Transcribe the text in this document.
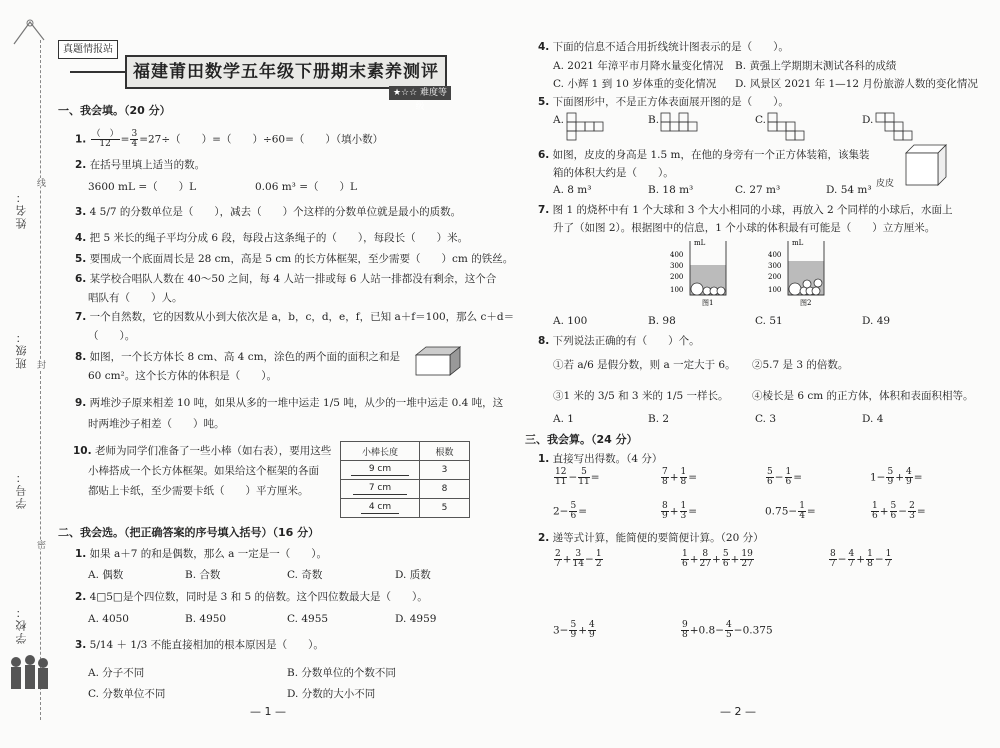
线
封
密
姓名：
班级：
学号：
学校：
真题情报站
福建莆田数学五年级下册期末素养测评
★☆☆ 难度等级
一、我会填。（20 分）
1. $\frac{( )}{12} = \frac{3}{4} =27\div$（　　）=（　　）÷60=（　　）（填小数）
2. 在括号里填上适当的数。
3600 mL =（　　）L	0.06 m³ =（　　）L
3. 4 5/7 的分数单位是（　　），减去（　　）个这样的分数单位就是最小的质数。
4. 把 5 米长的绳子平均分成 6 段，每段占这条绳子的（　　），每段长（　　）米。
5. 要围成一个底面周长是 28 cm，高是 5 cm 的长方体框架，至少需要（　　）cm 的铁丝。
6. 某学校合唱队人数在 40～50 之间，每 4 人站一排或每 6 人站一排都没有剩余，这个合
唱队有（　　）人。
7. 一个自然数，它的因数从小到大依次是 a，b，c，d，e，f，已知 a＋f＝100，那么 c＋d＝
（　　）。
8. 如图，一个长方体长 8 cm、高 4 cm，涂色的两个面的面积之和是
60 cm²。这个长方体的体积是（　　）。
9. 两堆沙子原来相差 10 吨，如果从多的一堆中运走 1/5 吨，从少的一堆中运走 0.4 吨，这
时两堆沙子相差（　　）吨。
10. 老师为同学们准备了一些小棒（如右表），要用这些
小棒搭成一个长方体框架。如果给这个框架的各面
都贴上卡纸，至少需要卡纸（　　）平方厘米。
小棒长度	根数
9 cm	3
7 cm	8
4 cm	5
二、我会选。（把正确答案的序号填入括号）（16 分）
1. 如果 a＋7 的和是偶数，那么 a 一定是一（　　）。
A. 偶数	B. 合数	C. 奇数	D. 质数
2. 4□5□是个四位数，同时是 3 和 5 的倍数。这个四位数最大是（　　）。
A. 4050	B. 4950	C. 4955	D. 4959
3. 5/14 ＋ 1/3 不能直接相加的根本原因是（　　）。
A. 分子不同	B. 分数单位的个数不同
C. 分数单位不同	D. 分数的大小不同
— 1 —
4. 下面的信息不适合用折线统计图表示的是（　　）。
A. 2021 年漳平市月降水量变化情况 B. 黄强上学期期末测试各科的成绩
C. 小辉 1 到 10 岁体重的变化情况 D. 风景区 2021 年 1—12 月份旅游人数的变化情况
5. 下面图形中，不是正方体表面展开图的是（　　）。
A.	B.	C.	D.
6. 如图，皮皮的身高是 1.5 m，在他的身旁有一个正方体装箱，该集装
箱的体积大约是（　　）。
A. 8 m³	B. 18 m³	C. 27 m³	D. 54 m³ 皮皮
7. 图 1 的烧杯中有 1 个大球和 3 个大小相同的小球，再放入 2 个同样的小球后，水面上
升了（如图 2）。根据图中的信息，1 个小球的体积最有可能是（　　）立方厘米。
mL
400
300
200
100
图1
mL
400
300
200
100
图2
A. 100	B. 98	C. 51	D. 49
8. 下列说法正确的有（　　）个。
①若 a/6 是假分数，则 a 一定大于 6。 ②5.7 是 3 的倍数。
③1 米的 3/5 和 3 米的 1/5 一样长。 ④棱长是 6 cm 的正方体，体积和表面积相等。
A. 1	B. 2	C. 3	D. 4
三、我会算。（24 分）
1. 直接写出得数。（4 分）
$\frac{12}{11} - \frac{5}{11}$ =	$\frac{7}{8} + \frac{1}{8}$ =	$\frac{5}{6} - \frac{1}{6}$ =	$1- \frac{5}{9} + \frac{4}{9}$ =
$2- \frac{5}{6}$ =	$\frac{8}{9} + \frac{1}{3}$ =	$0.75- \frac{1}{4}$ =	$\frac{1}{6} + \frac{5}{6} - \frac{2}{3}$ =
2. 递等式计算，能简便的要简便计算。（20 分）
$\frac{2}{7} + \frac{3}{14} - \frac{1}{2}$	$\frac{1}{6} + \frac{8}{27} + \frac{5}{6} + \frac{19}{27}$	$\frac{8}{7} - \frac{4}{7} + \frac{1}{8} - \frac{1}{7}$
$3- \frac{5}{9} + \frac{4}{9}$	$\frac{9}{8} +0.8- \frac{4}{5} -0.375$
— 2 —
